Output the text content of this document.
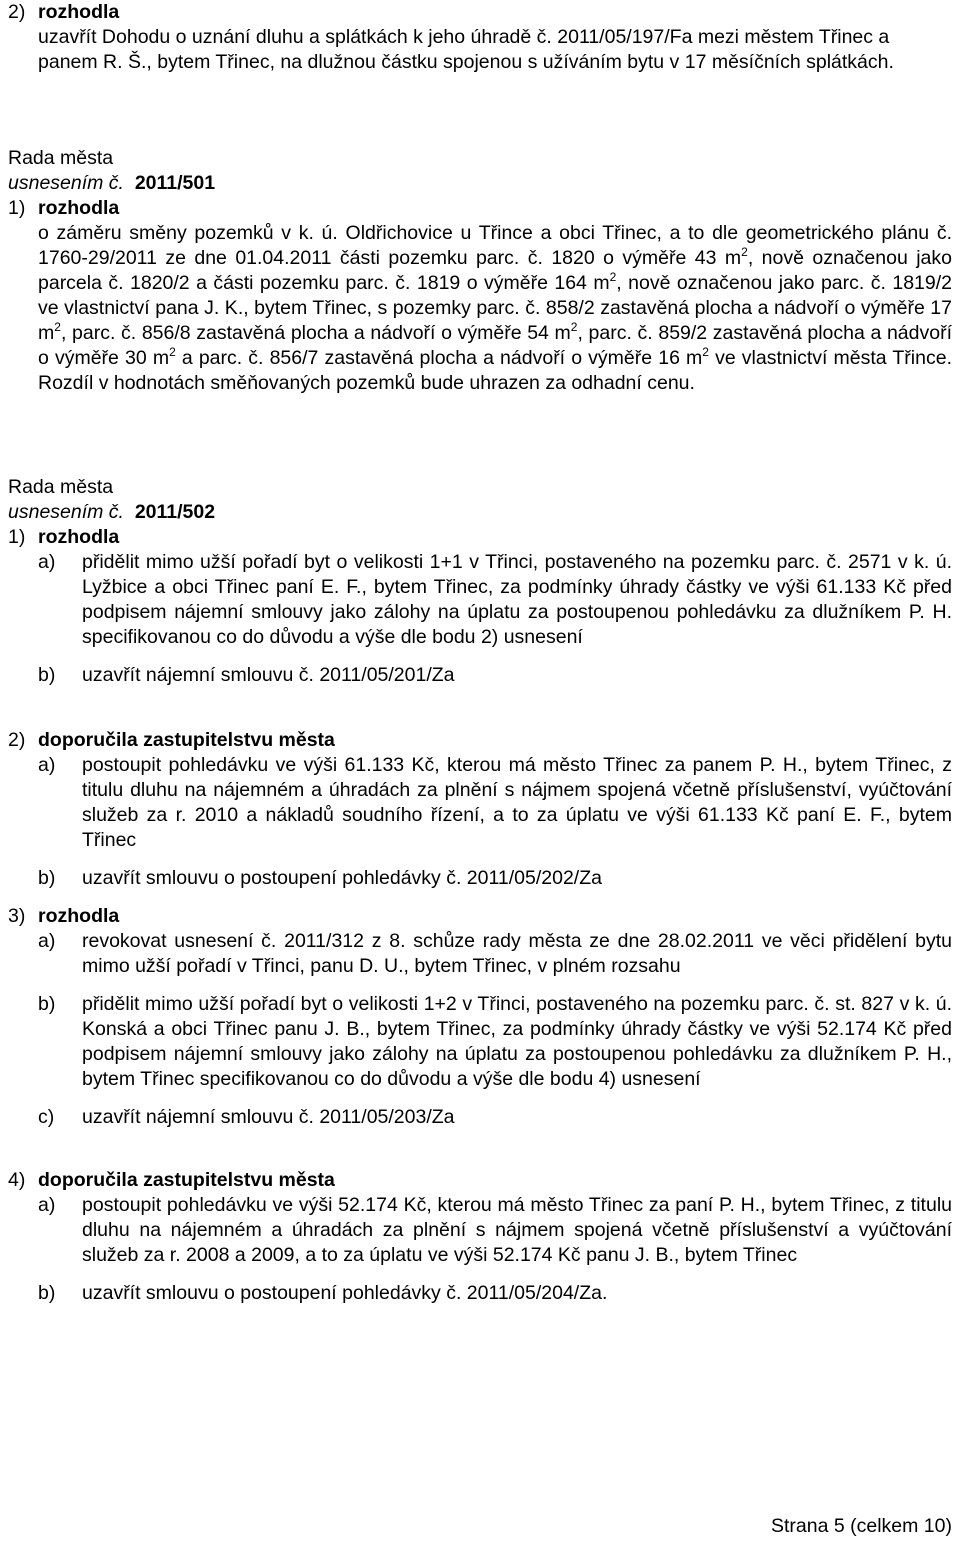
2) rozhodla
uzavřít Dohodu o uznání dluhu a splátkách k jeho úhradě č. 2011/05/197/Fa mezi městem Třinec a panem R. Š., bytem Třinec, na dlužnou částku spojenou s užíváním bytu v 17 měsíčních splátkách.
Rada města
usnesením č. 2011/501
1) rozhodla
o záměru směny pozemků v k. ú. Oldřichovice u Třince a obci Třinec, a to dle geometrického plánu č. 1760-29/2011 ze dne 01.04.2011 části pozemku parc. č. 1820 o výměře 43 $m^2$, nově označenou jako parcela č. 1820/2 a části pozemku parc. č. 1819 o výměře 164 $m^2$, nově označenou jako parc. č. 1819/2 ve vlastnictví pana J. K., bytem Třinec, s pozemky parc. č. 858/2 zastavěná plocha a nádvoří o výměře 17 $m^2$, parc. č. 856/8 zastavěná plocha a nádvoří o výměře 54 $m^2$, parc. č. 859/2 zastavěná plocha a nádvoří o výměře 30 $m^2$ a parc. č. 856/7 zastavěná plocha a nádvoří o výměře 16 $m^2$ ve vlastnictví města Třince. Rozdíl v hodnotách směňovaných pozemků bude uhrazen za odhadní cenu.
Rada města
usnesením č. 2011/502
1) rozhodla
a)	přidělit mimo užší pořadí byt o velikosti 1+1 v Třinci, postaveného na pozemku parc. č. 2571 v k. ú. Lyžbice a obci Třinec paní E. F., bytem Třinec, za podmínky úhrady částky ve výši 61.133 Kč před podpisem nájemní smlouvy jako zálohy na úplatu za postoupenou pohledávku za dlužníkem P. H. specifikovanou co do důvodu a výše dle bodu 2) usnesení
b)	uzavřít nájemní smlouvu č. 2011/05/201/Za
2) doporučila zastupitelstvu města
a)	postoupit pohledávku ve výši 61.133 Kč, kterou má město Třinec za panem P. H., bytem Třinec, z titulu dluhu na nájemném a úhradách za plnění s nájmem spojená včetně příslušenství, vyúčtování služeb za r. 2010 a nákladů soudního řízení, a to za úplatu ve výši 61.133 Kč paní E. F., bytem Třinec
b)	uzavřít smlouvu o postoupení pohledávky č. 2011/05/202/Za
3) rozhodla
a)	revokovat usnesení č. 2011/312 z 8. schůze rady města ze dne 28.02.2011 ve věci přidělení bytu mimo užší pořadí v Třinci, panu D. U., bytem Třinec, v plném rozsahu
b)	přidělit mimo užší pořadí byt o velikosti 1+2 v Třinci, postaveného na pozemku parc. č. st. 827 v k. ú. Konská a obci Třinec panu J. B., bytem Třinec, za podmínky úhrady částky ve výši 52.174 Kč před podpisem nájemní smlouvy jako zálohy na úplatu za postoupenou pohledávku za dlužníkem P. H., bytem Třinec specifikovanou co do důvodu a výše dle bodu 4) usnesení
c)	uzavřít nájemní smlouvu č. 2011/05/203/Za
4) doporučila zastupitelstvu města
a)	postoupit pohledávku ve výši 52.174 Kč, kterou má město Třinec za paní P. H., bytem Třinec, z titulu dluhu na nájemném a úhradách za plnění s nájmem spojená včetně příslušenství a vyúčtování služeb za r. 2008 a 2009, a to za úplatu ve výši 52.174 Kč panu J. B., bytem Třinec
b)	uzavřít smlouvu o postoupení pohledávky č. 2011/05/204/Za.
Strana 5 (celkem 10)
